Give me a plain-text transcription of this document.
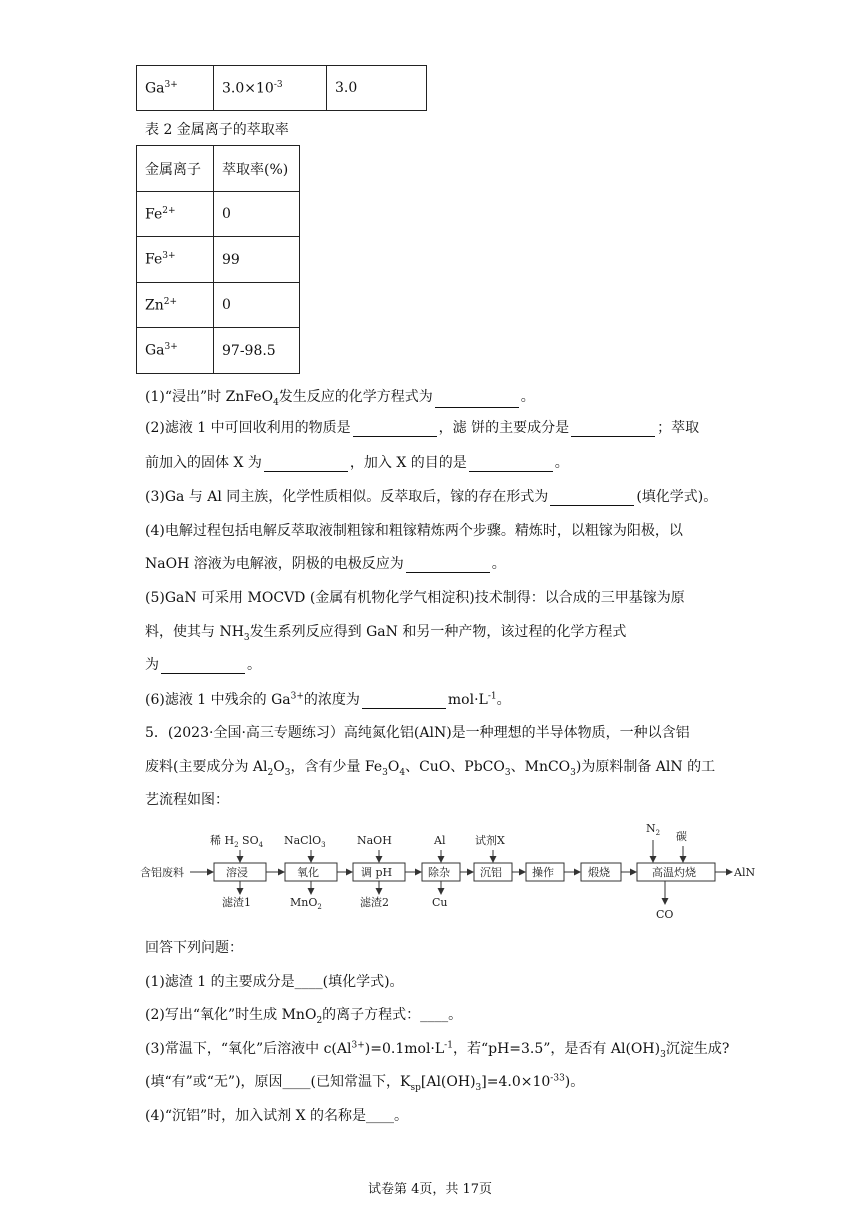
$Ga^{3+}$	$3.0\times 10^{-3}$	3.0
表 2 金属离子的萃取率
金属离子	萃取率(%)
$Fe^{2+}$	0
$Fe^{3+}$	99
$Zn^{2+}$	0
$Ga^{3+}$	97-98.5
(1)“浸出”时 ZnFeO$_4$发生反应的化学方程式为	。
(2)滤液 1 中可回收利用的物质是	，滤 饼的主要成分是	；萃取
前加入的固体 X 为	，加入 X 的目的是	。
(3)Ga 与 Al 同主族，化学性质相似。反萃取后，镓的存在形式为	(填化学式)。
(4)电解过程包括电解反萃取液制粗镓和粗镓精炼两个步骤。精炼时，以粗镓为阳极，以
NaOH 溶液为电解液，阴极的电极反应为	。
(5)GaN 可采用 MOCVD (金属有机物化学气相淀积)技术制得：以合成的三甲基镓为原
料，使其与 $NH_3$发生系列反应得到 GaN 和另一种产物，该过程的化学方程式
为	。
(6)滤液 1 中残余的 $Ga^{3+}$的浓度为	$mol\cdot L^{-1}$。
5．(2023·全国·高三专题练习）高纯氮化铝(AlN)是一种理想的半导体物质，一种以含铝
废料(主要成分为 $Al_2O_3$，含有少量 $Fe_3O_4$、CuO、PbCO$_3$、MnCO$_3$)为原料制备 AlN 的工
艺流程如图：
含铝废料	溶浸	氧化	调 pH	除杂	沉铝	操作	煅烧	高温灼烧	AlN
稀 $H_2$ $SO_4$ NaClO$_3$	NaOH	Al	试剂X
$N_2$ 碳
滤渣1	MnO$_2$	滤渣2	Cu
CO
回答下列问题：
(1)滤渣 1 的主要成分是____(填化学式)。
(2)写出“氧化”时生成 MnO$_2$的离子方程式：____。
(3)常温下，“氧化”后溶液中 $c(Al^{3+})=0.1mol\cdot L^{-1}$，若“pH=3.5”，是否有 $Al(OH)_3$沉淀生成?
(填“有”或“无”)，原因____(已知常温下，$K_{sp}[Al(OH)_3]=4.0\times 10^{-33}$)。
(4)“沉铝”时，加入试剂 X 的名称是____。
试卷第 4页，共 17页
